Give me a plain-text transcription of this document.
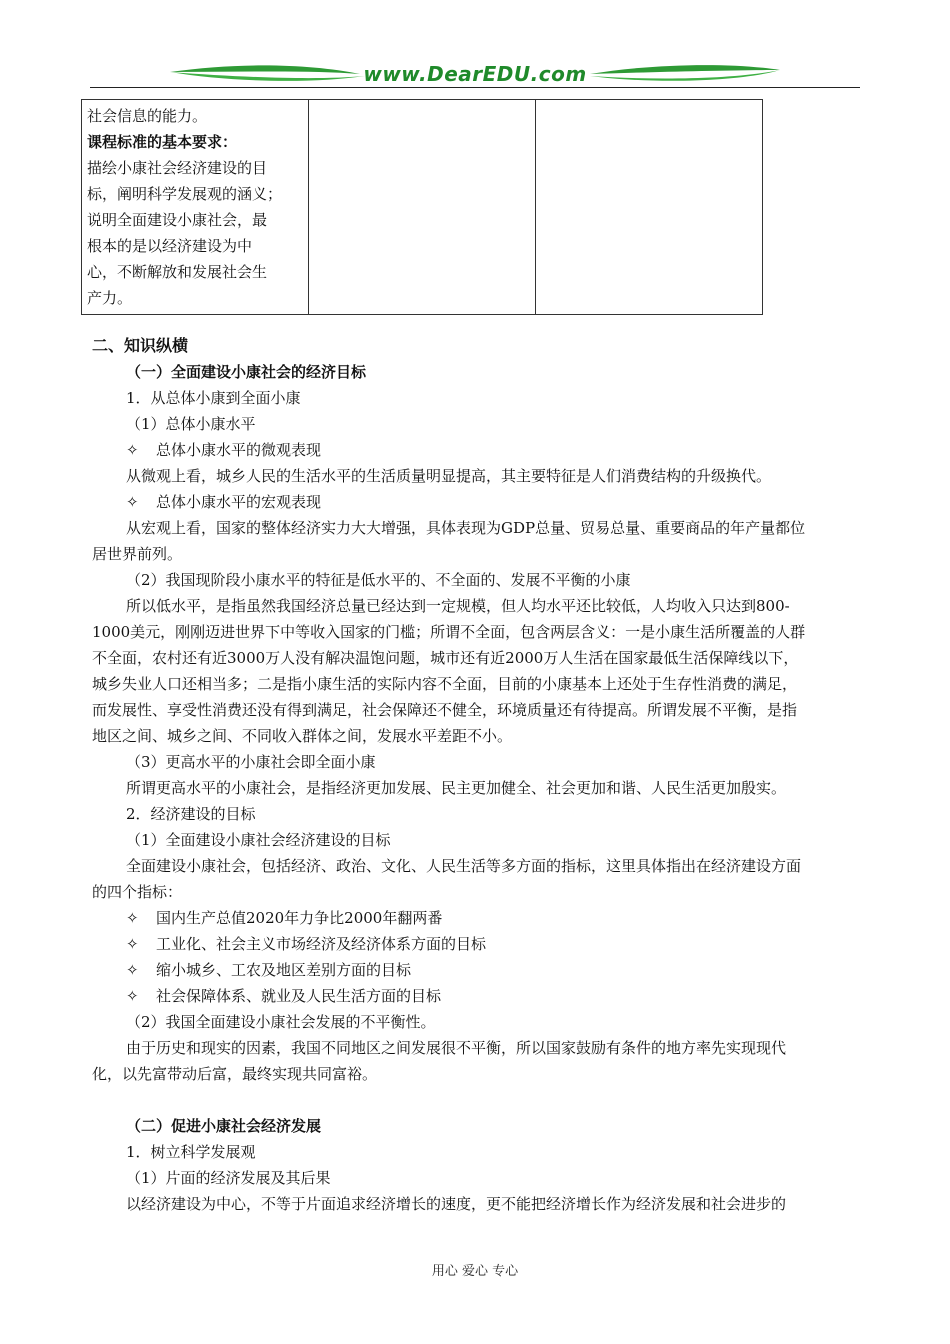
www.DearEDU.com
社会信息的能力。
课程标准的基本要求：
描绘小康社会经济建设的目
标，阐明科学发展观的涵义；
说明全面建设小康社会，最
根本的是以经济建设为中
心，不断解放和发展社会生
产力。

二、知识纵横
（一）全面建设小康社会的经济目标
1．从总体小康到全面小康
（1）总体小康水平
✧ 总体小康水平的微观表现
从微观上看，城乡人民的生活水平的生活质量明显提高，其主要特征是人们消费结构的升级换代。
✧ 总体小康水平的宏观表现
从宏观上看，国家的整体经济实力大大增强，具体表现为GDP总量、贸易总量、重要商品的年产量都位
居世界前列。
（2）我国现阶段小康水平的特征是低水平的、不全面的、发展不平衡的小康
所以低水平，是指虽然我国经济总量已经达到一定规模，但人均水平还比较低，人均收入只达到800-
1000美元，刚刚迈进世界下中等收入国家的门槛；所谓不全面，包含两层含义：一是小康生活所覆盖的人群
不全面，农村还有近3000万人没有解决温饱问题，城市还有近2000万人生活在国家最低生活保障线以下，
城乡失业人口还相当多；二是指小康生活的实际内容不全面，目前的小康基本上还处于生存性消费的满足，
而发展性、享受性消费还没有得到满足，社会保障还不健全，环境质量还有待提高。所谓发展不平衡，是指
地区之间、城乡之间、不同收入群体之间，发展水平差距不小。
（3）更高水平的小康社会即全面小康
所谓更高水平的小康社会，是指经济更加发展、民主更加健全、社会更加和谐、人民生活更加殷实。
2．经济建设的目标
（1）全面建设小康社会经济建设的目标
全面建设小康社会，包括经济、政治、文化、人民生活等多方面的指标，这里具体指出在经济建设方面
的四个指标：
✧ 国内生产总值2020年力争比2000年翻两番
✧ 工业化、社会主义市场经济及经济体系方面的目标
✧ 缩小城乡、工农及地区差别方面的目标
✧ 社会保障体系、就业及人民生活方面的目标
（2）我国全面建设小康社会发展的不平衡性。
由于历史和现实的因素，我国不同地区之间发展很不平衡，所以国家鼓励有条件的地方率先实现现代
化，以先富带动后富，最终实现共同富裕。
（二）促进小康社会经济发展
1．树立科学发展观
（1）片面的经济发展及其后果
以经济建设为中心，不等于片面追求经济增长的速度，更不能把经济增长作为经济发展和社会进步的
用心 爱心 专心
